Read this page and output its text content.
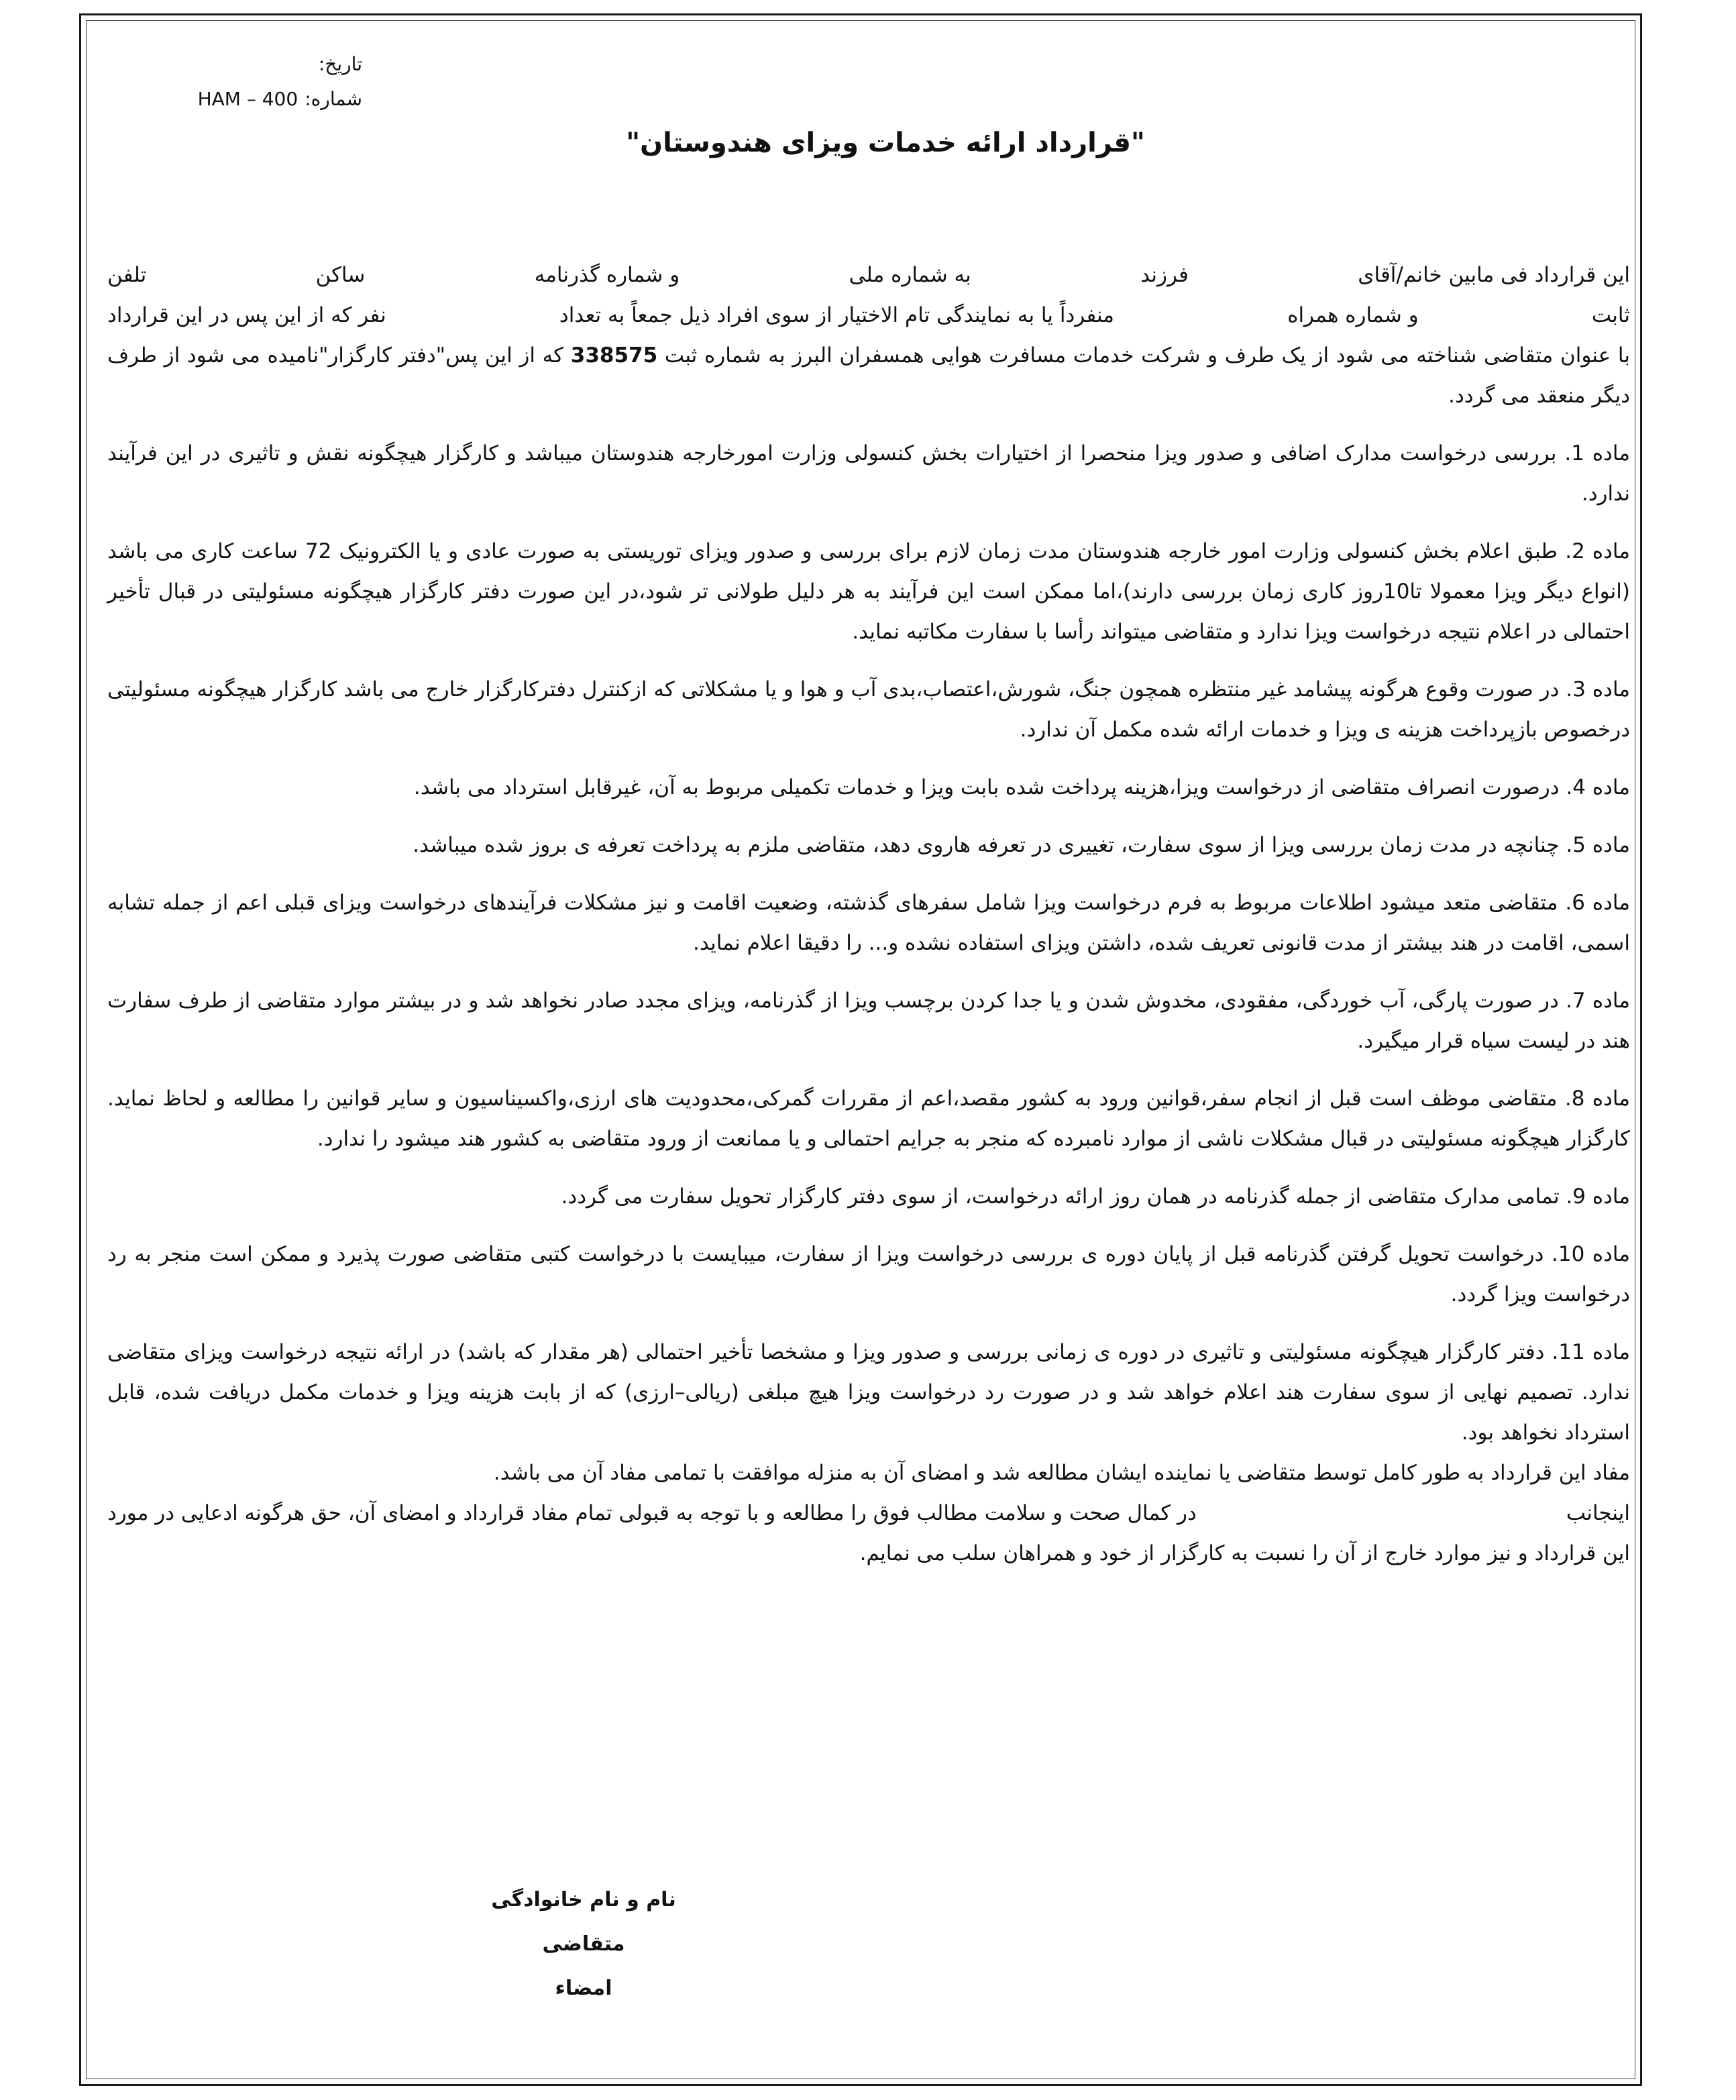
تاریخ:
شماره:
HAM – 400
"قرارداد ارائه خدمات ویزای هندوستان"
این قرارداد فی مابین خانم/آقای
فرزند
به شماره ملی
و شماره گذرنامه
ساکن
تلفن
ثابت
و شماره همراه
منفرداً یا به نمایندگی تام الاختیار از سوی افراد ذیل جمعاً به تعداد
نفر که از این پس در این قرارداد

با عنوان متقاضی شناخته می شود از یک طرف و شرکت خدمات مسافرت هوایی همسفران البرز به شماره ثبت 338575 که از این پس"دفتر کارگزار"نامیده می شود از طرف دیگر منعقد می گردد.

ماده 1. بررسی درخواست مدارک اضافی و صدور ویزا منحصرا از اختیارات بخش کنسولی وزارت امورخارجه هندوستان میباشد و کارگزار هیچگونه نقش و تاثیری در این فرآیند ندارد.

ماده 2. طبق اعلام بخش کنسولی وزارت امور خارجه هندوستان مدت زمان لازم برای بررسی و صدور ویزای توریستی به صورت عادی و یا الکترونیک 72 ساعت کاری می باشد (انواع دیگر ویزا معمولا تا10روز کاری زمان بررسی دارند)،اما ممکن است این فرآیند به هر دلیل طولانی تر شود،در این صورت دفتر کارگزار هیچگونه مسئولیتی در قبال تأخیر احتمالی در اعلام نتیجه درخواست ویزا ندارد و متقاضی میتواند رأسا با سفارت مکاتبه نماید.

ماده 3. در صورت وقوع هرگونه پیشامد غیر منتظره همچون جنگ، شورش،اعتصاب،بدی آب و هوا و یا مشکلاتی که ازکنترل دفترکارگزار خارج می باشد کارگزار هیچگونه مسئولیتی درخصوص بازپرداخت هزینه ی ویزا و خدمات ارائه شده مکمل آن ندارد.

ماده 4. درصورت انصراف متقاضی از درخواست ویزا،هزینه پرداخت شده بابت ویزا و خدمات تکمیلی مربوط به آن، غیرقابل استرداد می باشد.

ماده 5. چنانچه در مدت زمان بررسی ویزا از سوی سفارت، تغییری در تعرفه هاروی دهد، متقاضی ملزم به پرداخت تعرفه ی بروز شده میباشد.

ماده 6. متقاضی متعد میشود اطلاعات مربوط به فرم درخواست ویزا شامل سفرهای گذشته، وضعیت اقامت و نیز مشکلات فرآیندهای درخواست ویزای قبلی اعم از جمله تشابه اسمی، اقامت در هند بیشتر از مدت قانونی تعریف شده، داشتن ویزای استفاده نشده و... را دقیقا اعلام نماید.

ماده 7. در صورت پارگی، آب خوردگی، مفقودی، مخدوش شدن و یا جدا کردن برچسب ویزا از گذرنامه، ویزای مجدد صادر نخواهد شد و در بیشتر موارد متقاضی از طرف سفارت هند در لیست سیاه قرار میگیرد.

ماده 8. متقاضی موظف است قبل از انجام سفر،قوانین ورود به کشور مقصد،اعم از مقررات گمرکی،محدودیت های ارزی،واکسیناسیون و سایر قوانین را مطالعه و لحاظ نماید. کارگزار هیچگونه مسئولیتی در قبال مشکلات ناشی از موارد نامبرده که منجر به جرایم احتمالی و یا ممانعت از ورود متقاضی به کشور هند میشود را ندارد.

ماده 9. تمامی مدارک متقاضی از جمله گذرنامه در همان روز ارائه درخواست، از سوی دفتر کارگزار تحویل سفارت می گردد.

ماده 10. درخواست تحویل گرفتن گذرنامه قبل از پایان دوره ی بررسی درخواست ویزا از سفارت، میبایست با درخواست کتبی متقاضی صورت پذیرد و ممکن است منجر به رد درخواست ویزا گردد.

ماده 11. دفتر کارگزار هیچگونه مسئولیتی و تاثیری در دوره ی زمانی بررسی و صدور ویزا و مشخصا تأخیر احتمالی (هر مقدار که باشد) در ارائه نتیجه درخواست ویزای متقاضی ندارد. تصمیم نهایی از سوی سفارت هند اعلام خواهد شد و در صورت رد درخواست ویزا هیچ مبلغی (ریالی–ارزی) که از بابت هزینه ویزا و خدمات مکمل دریافت شده، قابل استرداد نخواهد بود.

مفاد این قرارداد به طور کامل توسط متقاضی یا نماینده ایشان مطالعه شد و امضای آن به منزله موافقت با تمامی مفاد آن می باشد.

اینجانب
در کمال صحت و سلامت مطالب فوق را مطالعه و با توجه به قبولی تمام مفاد قرارداد و امضای آن، حق هرگونه ادعایی در مورد

این قرارداد و نیز موارد خارج از آن را نسبت به کارگزار از خود و همراهان سلب می نمایم.

نام و نام خانوادگی متقاضی
امضاء
